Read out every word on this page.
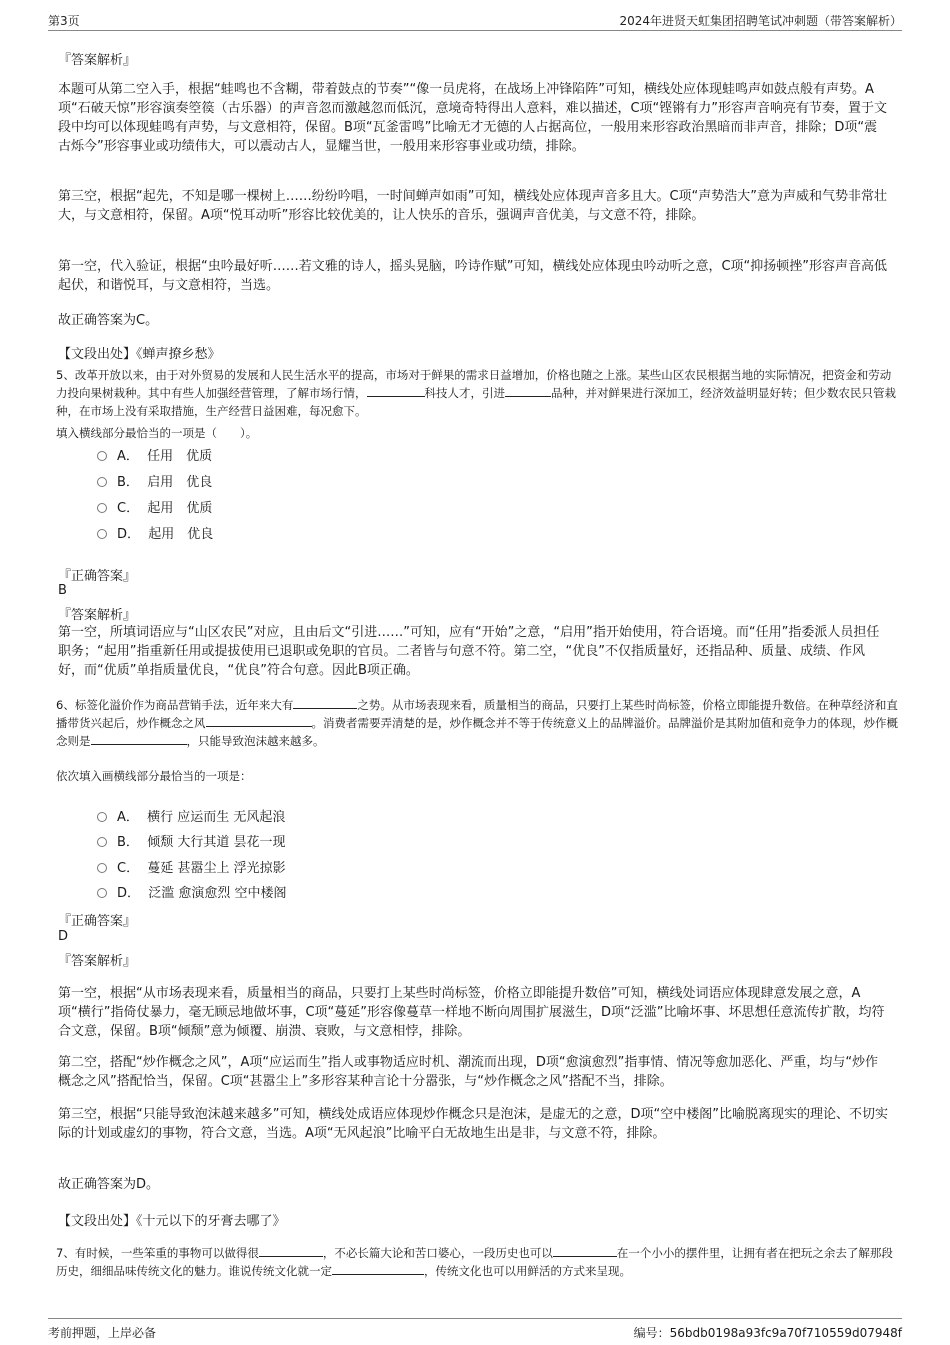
第3页	2024年进贤天虹集团招聘笔试冲刺题（带答案解析）
『答案解析』

本题可从第二空入手，根据“蛙鸣也不含糊，带着鼓点的节奏”“像一员虎将，在战场上冲锋陷阵”可知，横线处应体现蛙鸣声如鼓点般有声势。A项“石破天惊”形容演奏箜篌（古乐器）的声音忽而激越忽而低沉，意境奇特得出人意料，难以描述，C项“铿锵有力”形容声音响亮有节奏，置于文段中均可以体现蛙鸣有声势，与文意相符，保留。B项“瓦釜雷鸣”比喻无才无德的人占据高位，一般用来形容政治黑暗而非声音，排除；D项“震古烁今”形容事业或功绩伟大，可以震动古人，显耀当世，一般用来形容事业或功绩，排除。

第三空，根据“起先，不知是哪一棵树上……纷纷吟唱，一时间蝉声如雨”可知，横线处应体现声音多且大。C项“声势浩大”意为声威和气势非常壮大，与文意相符，保留。A项“悦耳动听”形容比较优美的，让人快乐的音乐，强调声音优美，与文意不符，排除。

第一空，代入验证，根据“虫吟最好听……若文雅的诗人，摇头晃脑，吟诗作赋”可知，横线处应体现虫吟动听之意，C项“抑扬顿挫”形容声音高低起伏，和谐悦耳，与文意相符，当选。

故正确答案为C。

【文段出处】《蝉声撩乡愁》

5、改革开放以来，由于对外贸易的发展和人民生活水平的提高，市场对于鲜果的需求日益增加，价格也随之上涨。某些山区农民根据当地的实际情况，把资金和劳动力投向果树栽种。其中有些人加强经营管理，了解市场行情，	科技人才，引进	品种，并对鲜果进行深加工，经济效益明显好转；但少数农民只管栽种，在市场上没有采取措施，生产经营日益困难，每况愈下。

填入横线部分最恰当的一项是（　　）。
A． 任用　优质
B． 启用　优良
C． 起用　优质
D． 起用　优良
『正确答案』
B
『答案解析』

第一空，所填词语应与“山区农民”对应，且由后文“引进……”可知，应有“开始”之意，“启用”指开始使用，符合语境。而“任用”指委派人员担任职务；“起用”指重新任用或提拔使用已退职或免职的官员。二者皆与句意不符。第二空，“优良”不仅指质量好，还指品种、质量、成绩、作风好，而“优质”单指质量优良，“优良”符合句意。因此B项正确。

6、标签化溢价作为商品营销手法，近年来大有	之势。从市场表现来看，质量相当的商品，只要打上某些时尚标签，价格立即能提升数倍。在种草经济和直播带货兴起后，炒作概念之风	。消费者需要弄清楚的是，炒作概念并不等于传统意义上的品牌溢价。品牌溢价是其附加值和竞争力的体现，炒作概念则是	，只能导致泡沫越来越多。

依次填入画横线部分最恰当的一项是：
A． 横行 应运而生 无风起浪
B． 倾颓 大行其道 昙花一现
C． 蔓延 甚嚣尘上 浮光掠影
D． 泛滥 愈演愈烈 空中楼阁
『正确答案』
D
『答案解析』

第一空，根据“从市场表现来看，质量相当的商品，只要打上某些时尚标签，价格立即能提升数倍”可知，横线处词语应体现肆意发展之意，A项“横行”指倚仗暴力，毫无顾忌地做坏事，C项“蔓延”形容像蔓草一样地不断向周围扩展滋生，D项“泛滥”比喻坏事、坏思想任意流传扩散，均符合文意，保留。B项“倾颓”意为倾覆、崩溃、衰败，与文意相悖，排除。

第二空，搭配“炒作概念之风”，A项“应运而生”指人或事物适应时机、潮流而出现，D项“愈演愈烈”指事情、情况等愈加恶化、严重，均与“炒作概念之风”搭配恰当，保留。C项“甚嚣尘上”多形容某种言论十分嚣张，与“炒作概念之风”搭配不当，排除。

第三空，根据“只能导致泡沫越来越多”可知，横线处成语应体现炒作概念只是泡沫，是虚无的之意，D项“空中楼阁”比喻脱离现实的理论、不切实际的计划或虚幻的事物，符合文意，当选。A项“无风起浪”比喻平白无故地生出是非，与文意不符，排除。

故正确答案为D。

【文段出处】《十元以下的牙膏去哪了》

7、有时候，一些笨重的事物可以做得很	，不必长篇大论和苦口婆心，一段历史也可以	在一个小小的摆件里，让拥有者在把玩之余去了解那段历史，细细品味传统文化的魅力。谁说传统文化就一定	，传统文化也可以用鲜活的方式来呈现。

考前押题，上岸必备	编号：56bdb0198a93fc9a70f710559d07948f
